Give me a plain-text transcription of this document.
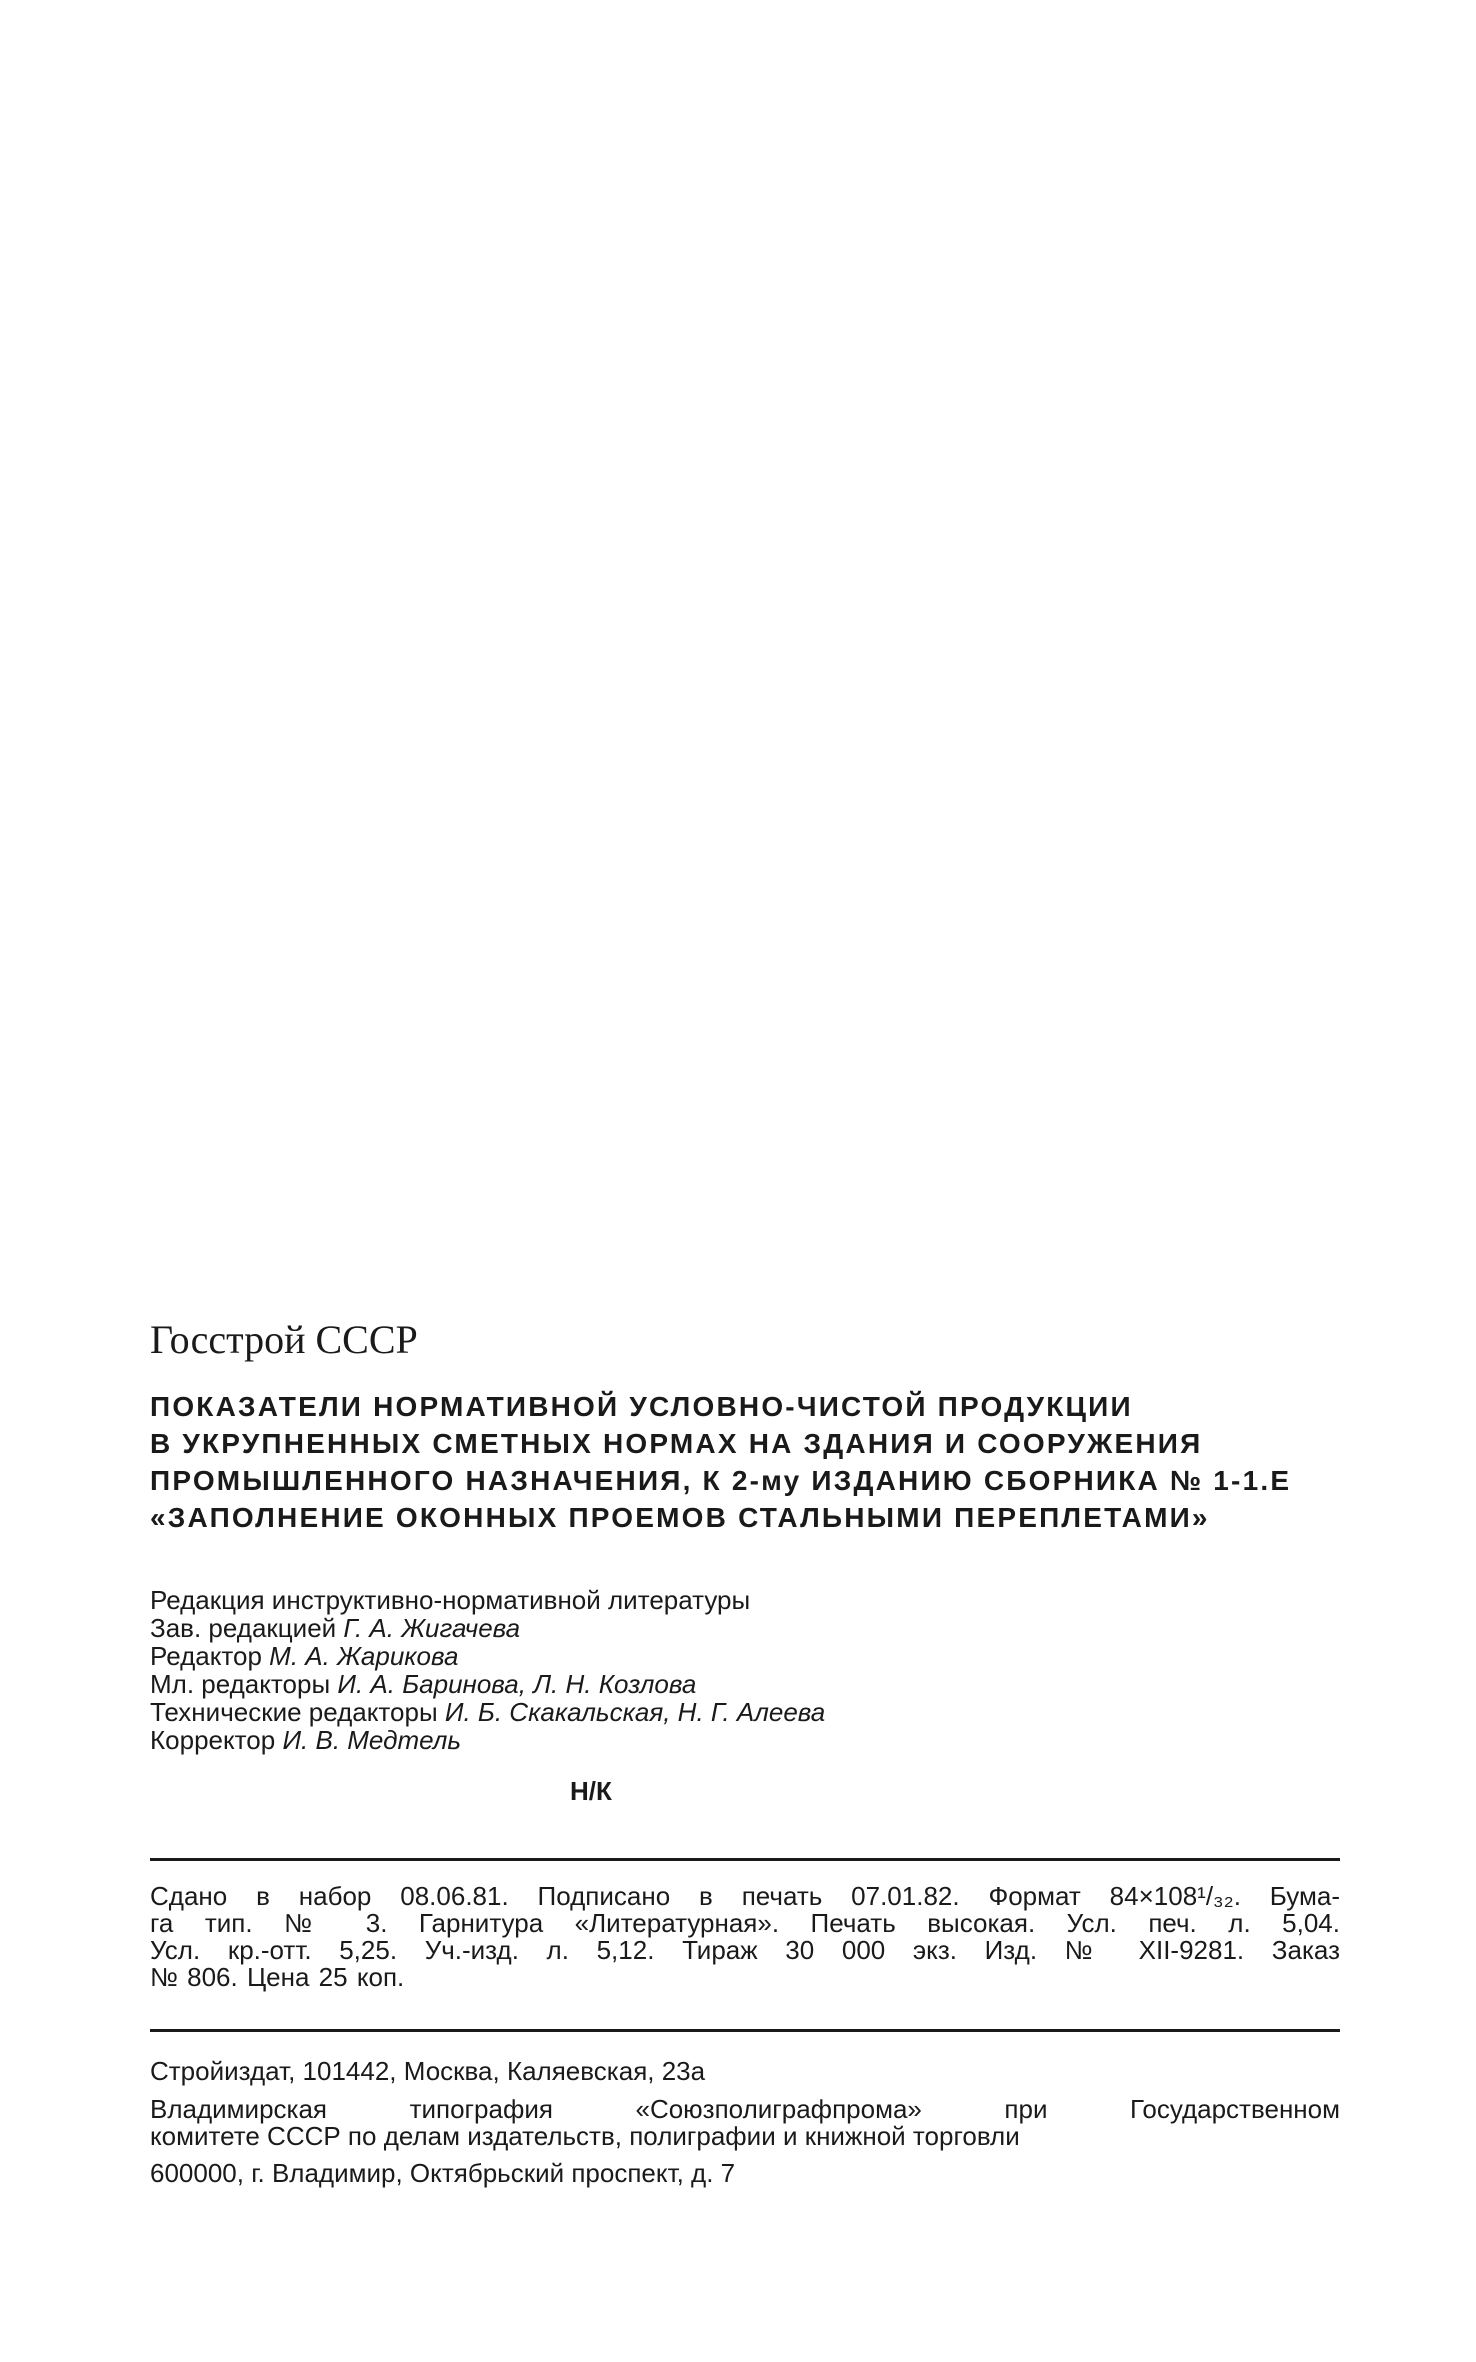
Госстрой СССР
ПОКАЗАТЕЛИ НОРМАТИВНОЙ УСЛОВНО-ЧИСТОЙ ПРОДУКЦИИ
В УКРУПНЕННЫХ СМЕТНЫХ НОРМАХ НА ЗДАНИЯ И СООРУЖЕНИЯ
ПРОМЫШЛЕННОГО НАЗНАЧЕНИЯ, К 2-му ИЗДАНИЮ СБОРНИКА № 1-1.Е
«ЗАПОЛНЕНИЕ ОКОННЫХ ПРОЕМОВ СТАЛЬНЫМИ ПЕРЕПЛЕТАМИ»
Редакция инструктивно-нормативной литературы
Зав. редакцией Г. А. Жигачева
Редактор М. А. Жарикова
Мл. редакторы И. А. Баринова, Л. Н. Козлова
Технические редакторы И. Б. Скакальская, Н. Г. Алеева
Корректор И. В. Медтель
Н/К
Сдано в набор 08.06.81. Подписано в печать 07.01.82. Формат 84×108¹/₃₂. Бума-
га тип. № 3. Гарнитура «Литературная». Печать высокая. Усл. печ. л. 5,04.
Усл. кр.-отт. 5,25. Уч.-изд. л. 5,12. Тираж 30 000 экз. Изд. № XII-9281. Заказ
№ 806. Цена 25 коп.
Стройиздат, 101442, Москва, Каляевская, 23а
Владимирская типография «Союзполиграфпрома» при Государственном
комитете СССР по делам издательств, полиграфии и книжной торговли
600000, г. Владимир, Октябрьский проспект, д. 7
